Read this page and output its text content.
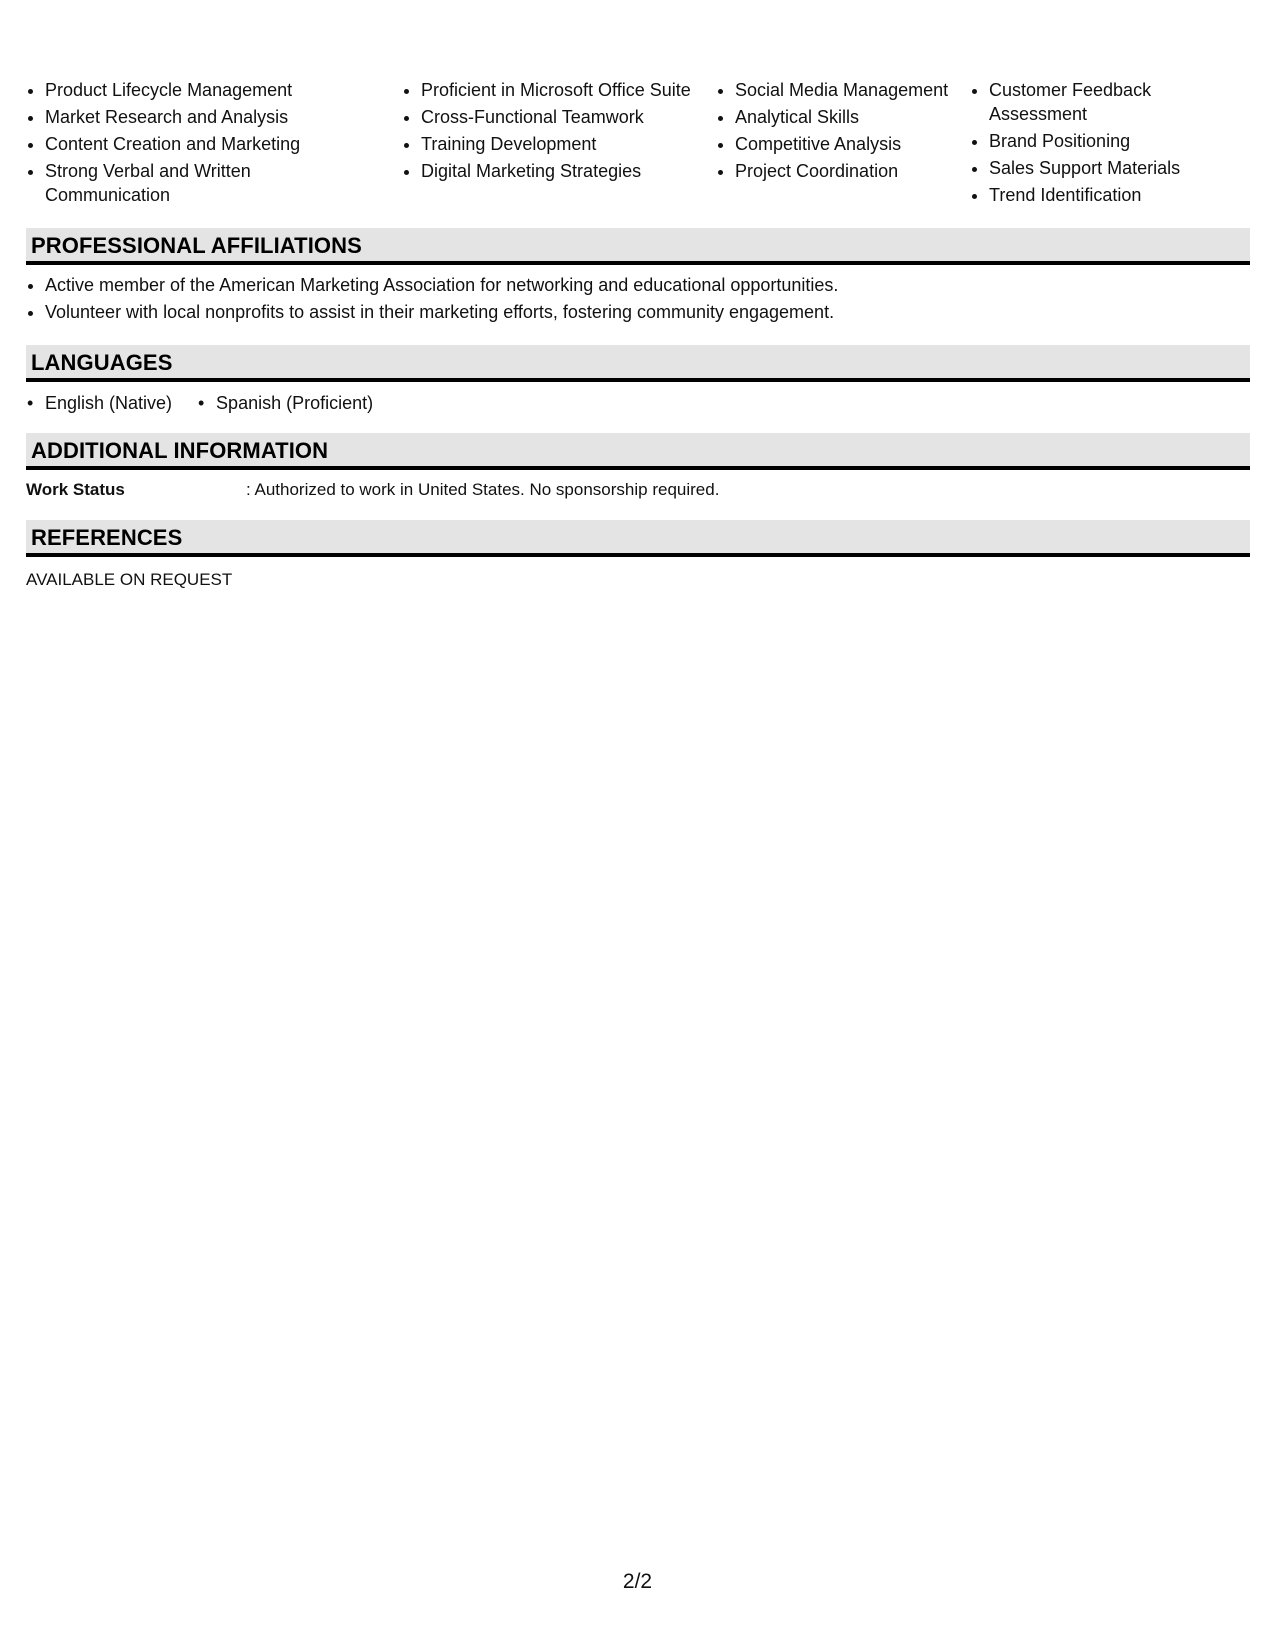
• Product Lifecycle Management
• Market Research and Analysis
• Content Creation and Marketing
• Strong Verbal and Written Communication
• Proficient in Microsoft Office Suite
• Cross-Functional Teamwork
• Training Development
• Digital Marketing Strategies
• Social Media Management
• Analytical Skills
• Competitive Analysis
• Project Coordination
• Customer Feedback Assessment
• Brand Positioning
• Sales Support Materials
• Trend Identification
PROFESSIONAL AFFILIATIONS
• Active member of the American Marketing Association for networking and educational opportunities.
• Volunteer with local nonprofits to assist in their marketing efforts, fostering community engagement.
LANGUAGES
• English (Native)• Spanish (Proficient)
ADDITIONAL INFORMATION
Work Status	: Authorized to work in United States. No sponsorship required.
REFERENCES
AVAILABLE ON REQUEST
2/2
